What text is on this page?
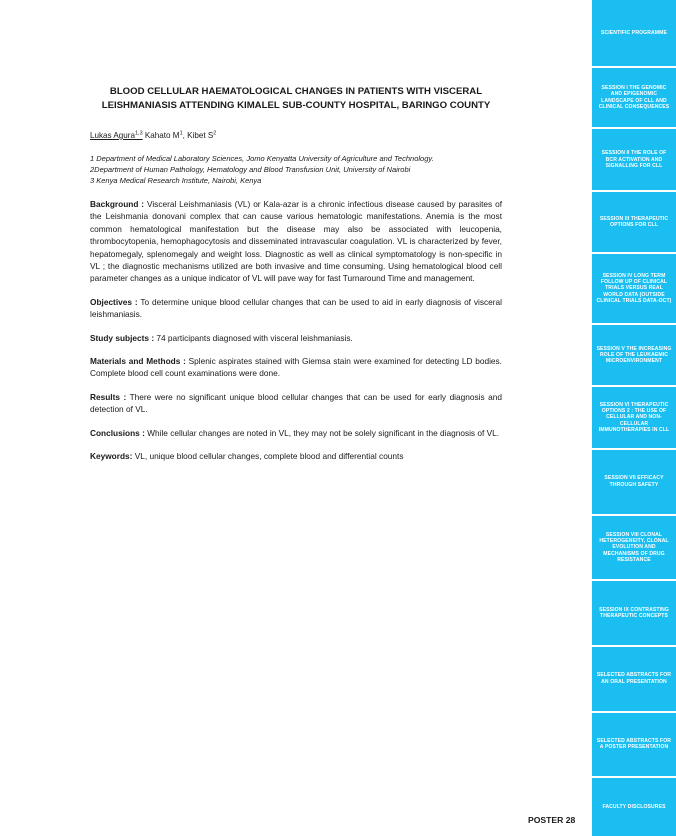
BLOOD CELLULAR HAEMATOLOGICAL CHANGES IN PATIENTS WITH VISCERAL
LEISHMANIASIS ATTENDING KIMALEL SUB-COUNTY HOSPITAL, BARINGO COUNTY
Lukas Agura$^{1,3}$ Kahato $M^1$, Kibet $S^2$
1 Department of Medical Laboratory Sciences, Jomo Kenyatta University of Agriculture and Technology.
2Department of Human Pathology, Hematology and Blood Transfusion Unit, University of Nairobi
3 Kenya Medical Research Institute, Nairobi, Kenya

Background : Visceral Leishmaniasis (VL) or Kala-azar is a chronic infectious disease caused by parasites of the Leishmania donovani complex that can cause various hematologic manifestations. Anemia is the most common hematological manifestation but the disease may also be associated with leucopenia, thrombocytopenia, hemophagocytosis and disseminated intravascular coagulation. VL is characterized by fever, hepatomegaly, splenomegaly and weight loss. Diagnostic as well as clinical symptomatology is non-specific in VL ; the diagnostic mechanisms utilized are both invasive and time consuming. Using hematological blood cell parameter changes as a unique indicator of VL will pave way for fast Turnaround Time and management.

Objectives : To determine unique blood cellular changes that can be used to aid in early diagnosis of visceral leishmaniasis.

Study subjects : 74 participants diagnosed with visceral leishmaniasis.

Materials and Methods : Splenic aspirates stained with Giemsa stain were examined for detecting LD bodies. Complete blood cell count examinations were done.

Results : There were no significant unique blood cellular changes that can be used for early diagnosis and detection of VL.

Conclusions : While cellular changes are noted in VL, they may not be solely significant in the diagnosis of VL.

Keywords: VL, unique blood cellular changes, complete blood and differential counts

POSTER 28
SCIENTIFIC PROGRAMME
SESSION I THE GENOMIC AND EPIGENOMIC LANDSCAPE OF CLL AND CLINICAL CONSEQUENCES
SESSION II THE ROLE OF BCR ACTIVATION AND SIGNALLING FOR CLL
SESSION III THERAPEUTIC OPTIONS FOR CLL
SESSION IV LONG TERM FOLLOW UP OF CLINICAL TRIALS VERSUS REAL WORLD DATA (OUTSIDE CLINICAL TRIALS DATA-OCT)
SESSION V THE INCREASING ROLE OF THE LEUKAEMIC MICROENVIRONMENT
SESSION VI THERAPEUTIC OPTIONS 2 : THE USE OF CELLULAR AND NON-CELLULAR IMMUNOTHERAPIES IN CLL
SESSION VII EFFICACY THROUGH SAFETY
SESSION VIII CLONAL HETEROGENEITY, CLONAL EVOLUTION AND MECHANISMS OF DRUG RESISTANCE
SESSION IX CONTRASTING THERAPEUTIC CONCEPTS
SELECTED ABSTRACTS FOR AN ORAL PRESENTATION
SELECTED ABSTRACTS FOR A POSTER PRESENTATION
FACULTY DISCLOSURES
